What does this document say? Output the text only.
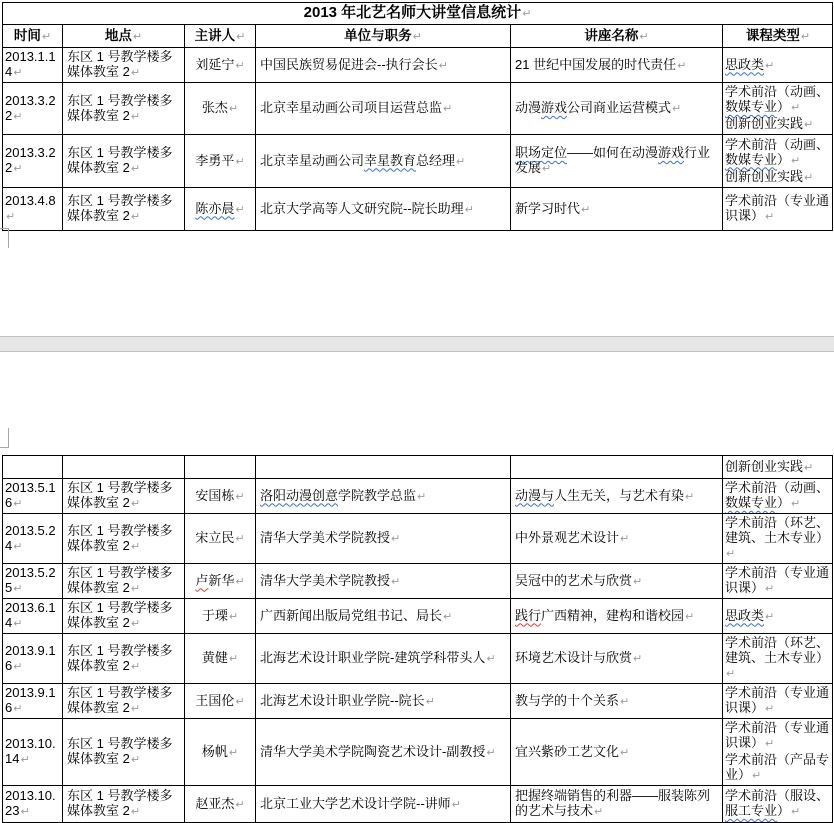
2013 年北艺名师大讲堂信息统计↵					
时间↵	地点↵	主讲人↵	单位与职务↵	讲座名称↵	课程类型↵
2013.1.14↵	东区 1 号教学楼多媒体教室 2↵	刘延宁↵	中国民族贸易促进会--执行会长↵	21 世纪中国发展的时代责任↵	思政类↵
2013.3.22↵	东区 1 号教学楼多媒体教室 2↵	张杰↵	北京幸星动画公司项目运营总监↵	动漫游戏公司商业运营模式↵	学术前沿（动画、数媒专业）↵
创新创业实践↵
2013.3.22↵	东区 1 号教学楼多媒体教室 2↵	李勇平↵	北京幸星动画公司幸星教育总经理↵	职场定位——如何在动漫游戏行业发展↵	学术前沿（动画、数媒专业）↵
创新创业实践↵
2013.4.8↵	东区 1 号教学楼多媒体教室 2↵	陈亦晨↵	北京大学高等人文研究院--院长助理↵	新学习时代↵	学术前沿（专业通识课）↵
					创新创业实践↵
2013.5.16↵	东区 1 号教学楼多媒体教室 2↵	安国栋↵	洛阳动漫创意学院教学总监↵	动漫与人生无关，与艺术有染↵	学术前沿（动画、数媒专业）↵
2013.5.24↵	东区 1 号教学楼多媒体教室 2↵	宋立民↵	清华大学美术学院教授↵	中外景观艺术设计↵	学术前沿（环艺、建筑、土木专业）↵
2013.5.25↵	东区 1 号教学楼多媒体教室 2↵	卢新华↵	清华大学美术学院教授↵	吴冠中的艺术与欣赏↵	学术前沿（专业通识课）↵
2013.6.14↵	东区 1 号教学楼多媒体教室 2↵	于瑮↵	广西新闻出版局党组书记、局长↵	践行广西精神，建构和谐校园↵	思政类↵
2013.9.16↵	东区 1 号教学楼多媒体教室 2↵	黄健↵	北海艺术设计职业学院-建筑学科带头人↵	环境艺术设计与欣赏↵	学术前沿（环艺、建筑、土木专业）↵
2013.9.16↵	东区 1 号教学楼多媒体教室 2↵	王国伦↵	北海艺术设计职业学院--院长↵	教与学的十个关系↵	学术前沿（专业通识课）↵
2013.10.14↵	东区 1 号教学楼多媒体教室 2↵	杨帆↵	清华大学美术学院陶瓷艺术设计-副教授↵	宜兴紫砂工艺文化↵	学术前沿（专业通识课）↵
学术前沿（产品专业）↵
2013.10.23↵	东区 1 号教学楼多媒体教室 2↵	赵亚杰↵	北京工业大学艺术设计学院--讲师↵	把握终端销售的利器——服装陈列的艺术与技术↵	学术前沿（服设、服工专业）↵
